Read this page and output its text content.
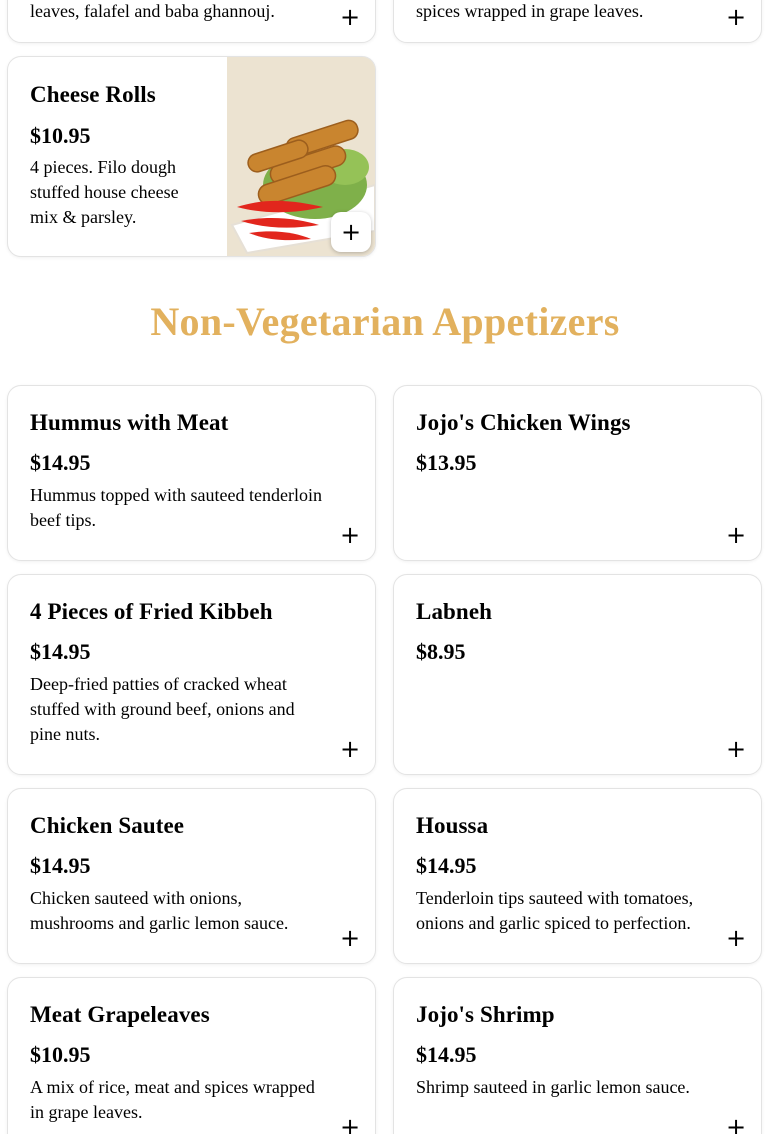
leaves, falafel and baba ghannouj.	+	spices wrapped in grape leaves.	+
Cheese Rolls
$10.95
4 pieces. Filo dough stuffed house cheese mix & parsley.
+
Non-Vegetarian Appetizers
Hummus with Meat
$14.95
Hummus topped with sauteed tenderloin beef tips.
+
Jojo's Chicken Wings
$13.95
+
4 Pieces of Fried Kibbeh
$14.95
Deep-fried patties of cracked wheat stuffed with ground beef, onions and pine nuts.
+
Labneh
$8.95
+
Chicken Sautee
$14.95
Chicken sauteed with onions, mushrooms and garlic lemon sauce.
+
Houssa
$14.95
Tenderloin tips sauteed with tomatoes, onions and garlic spiced to perfection.
+
Meat Grapeleaves
$10.95
A mix of rice, meat and spices wrapped in grape leaves.
+
Jojo's Shrimp
$14.95
Shrimp sauteed in garlic lemon sauce.
+
